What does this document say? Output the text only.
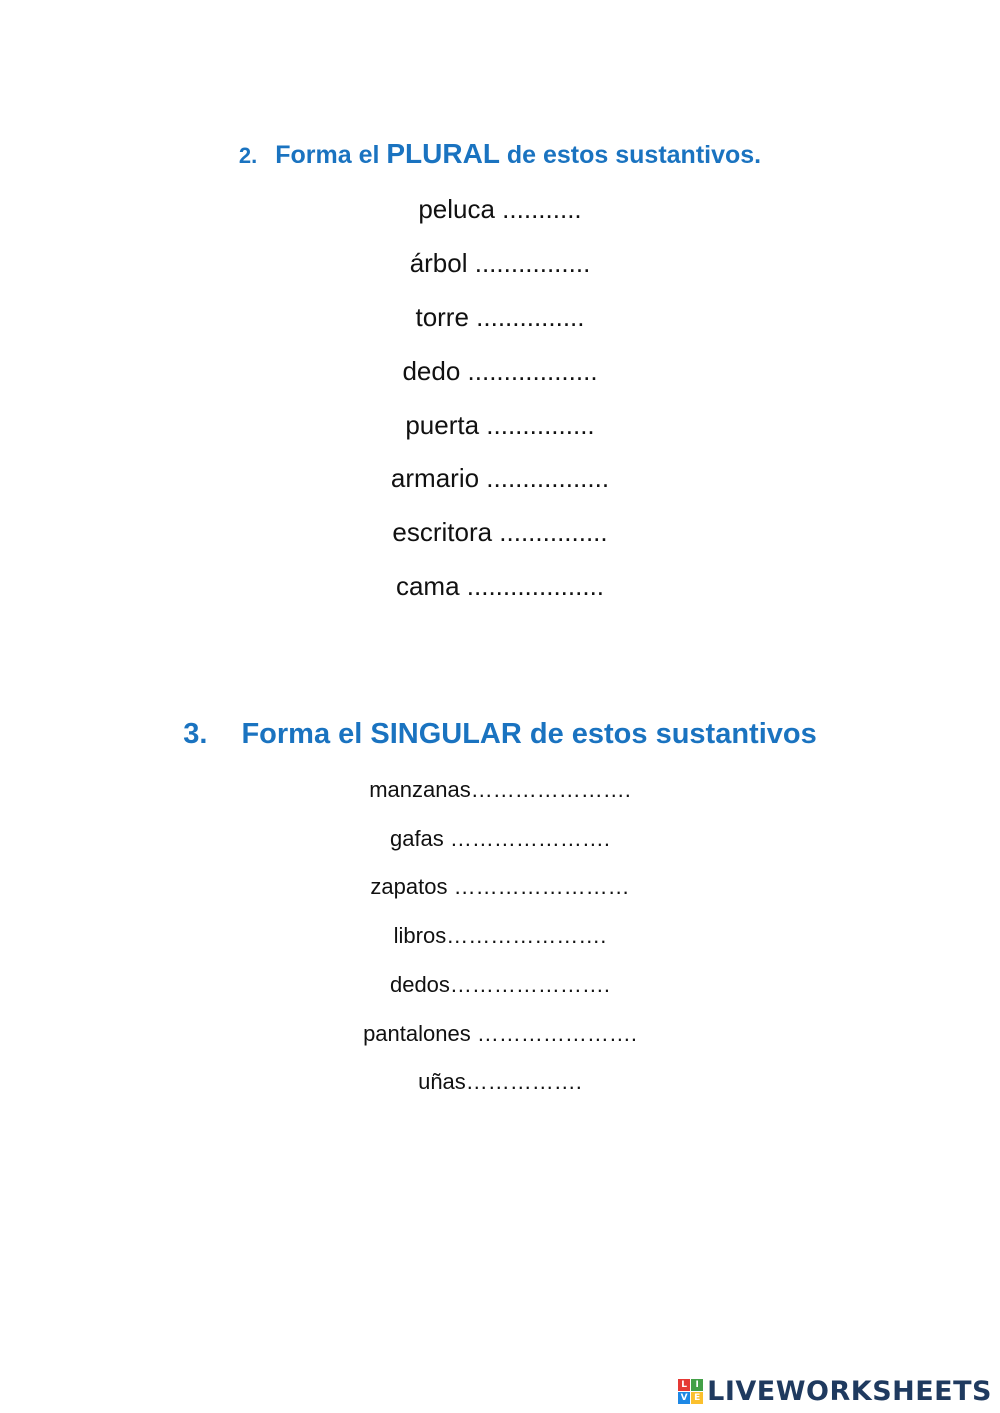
2. Forma el PLURAL de estos sustantivos.
peluca ...........
árbol ................
torre ...............
dedo ..................
puerta ...............
armario .................
escritora ...............
cama ...................
3. Forma el SINGULAR de estos sustantivos
manzanas………………….
gafas ………………….
zapatos ……………………
libros………………….
dedos………………….
pantalones ………………….
uñas…………….
L I
V E LIVEWORKSHEETS
